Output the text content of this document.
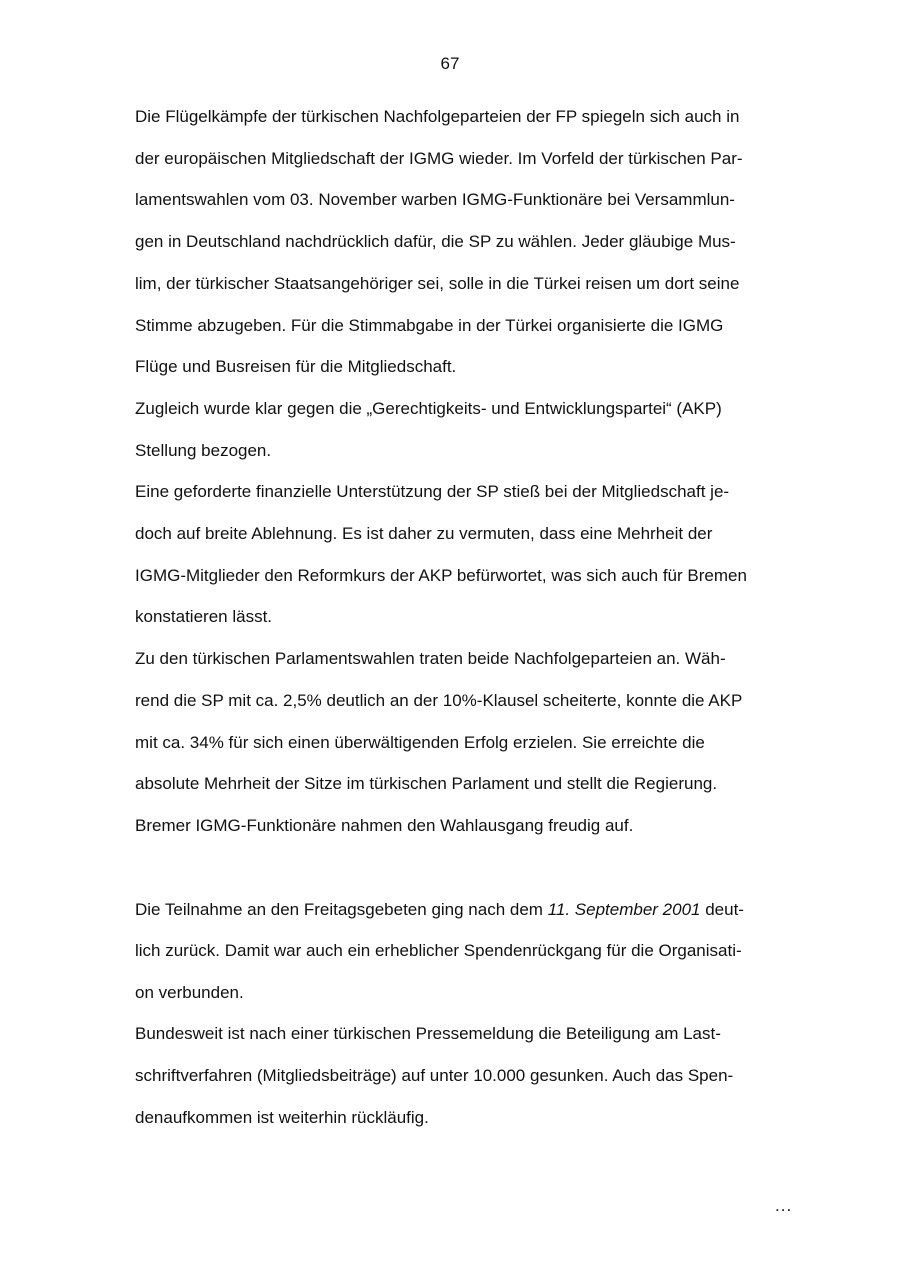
67
Die Flügelkämpfe der türkischen Nachfolgeparteien der FP spiegeln sich auch in
der europäischen Mitgliedschaft der IGMG wieder. Im Vorfeld der türkischen Par-
lamentswahlen vom 03. November warben IGMG-Funktionäre bei Versammlun-
gen in Deutschland nachdrücklich dafür, die SP zu wählen. Jeder gläubige Mus-
lim, der türkischer Staatsangehöriger sei, solle in die Türkei reisen um dort seine
Stimme abzugeben. Für die Stimmabgabe in der Türkei organisierte die IGMG
Flüge und Busreisen für die Mitgliedschaft.
Zugleich wurde klar gegen die „Gerechtigkeits- und Entwicklungspartei“ (AKP)
Stellung bezogen.
Eine geforderte finanzielle Unterstützung der SP stieß bei der Mitgliedschaft je-
doch auf breite Ablehnung. Es ist daher zu vermuten, dass eine Mehrheit der
IGMG-Mitglieder den Reformkurs der AKP befürwortet, was sich auch für Bremen
konstatieren lässt.
Zu den türkischen Parlamentswahlen traten beide Nachfolgeparteien an. Wäh-
rend die SP mit ca. 2,5% deutlich an der 10%-Klausel scheiterte, konnte die AKP
mit ca. 34% für sich einen überwältigenden Erfolg erzielen. Sie erreichte die
absolute Mehrheit der Sitze im türkischen Parlament und stellt die Regierung.
Bremer IGMG-Funktionäre nahmen den Wahlausgang freudig auf.
Die Teilnahme an den Freitagsgebeten ging nach dem 11. September 2001 deut-
lich zurück. Damit war auch ein erheblicher Spendenrückgang für die Organisati-
on verbunden.
Bundesweit ist nach einer türkischen Pressemeldung die Beteiligung am Last-
schriftverfahren (Mitgliedsbeiträge) auf unter 10.000 gesunken. Auch das Spen-
denaufkommen ist weiterhin rückläufig.
...
